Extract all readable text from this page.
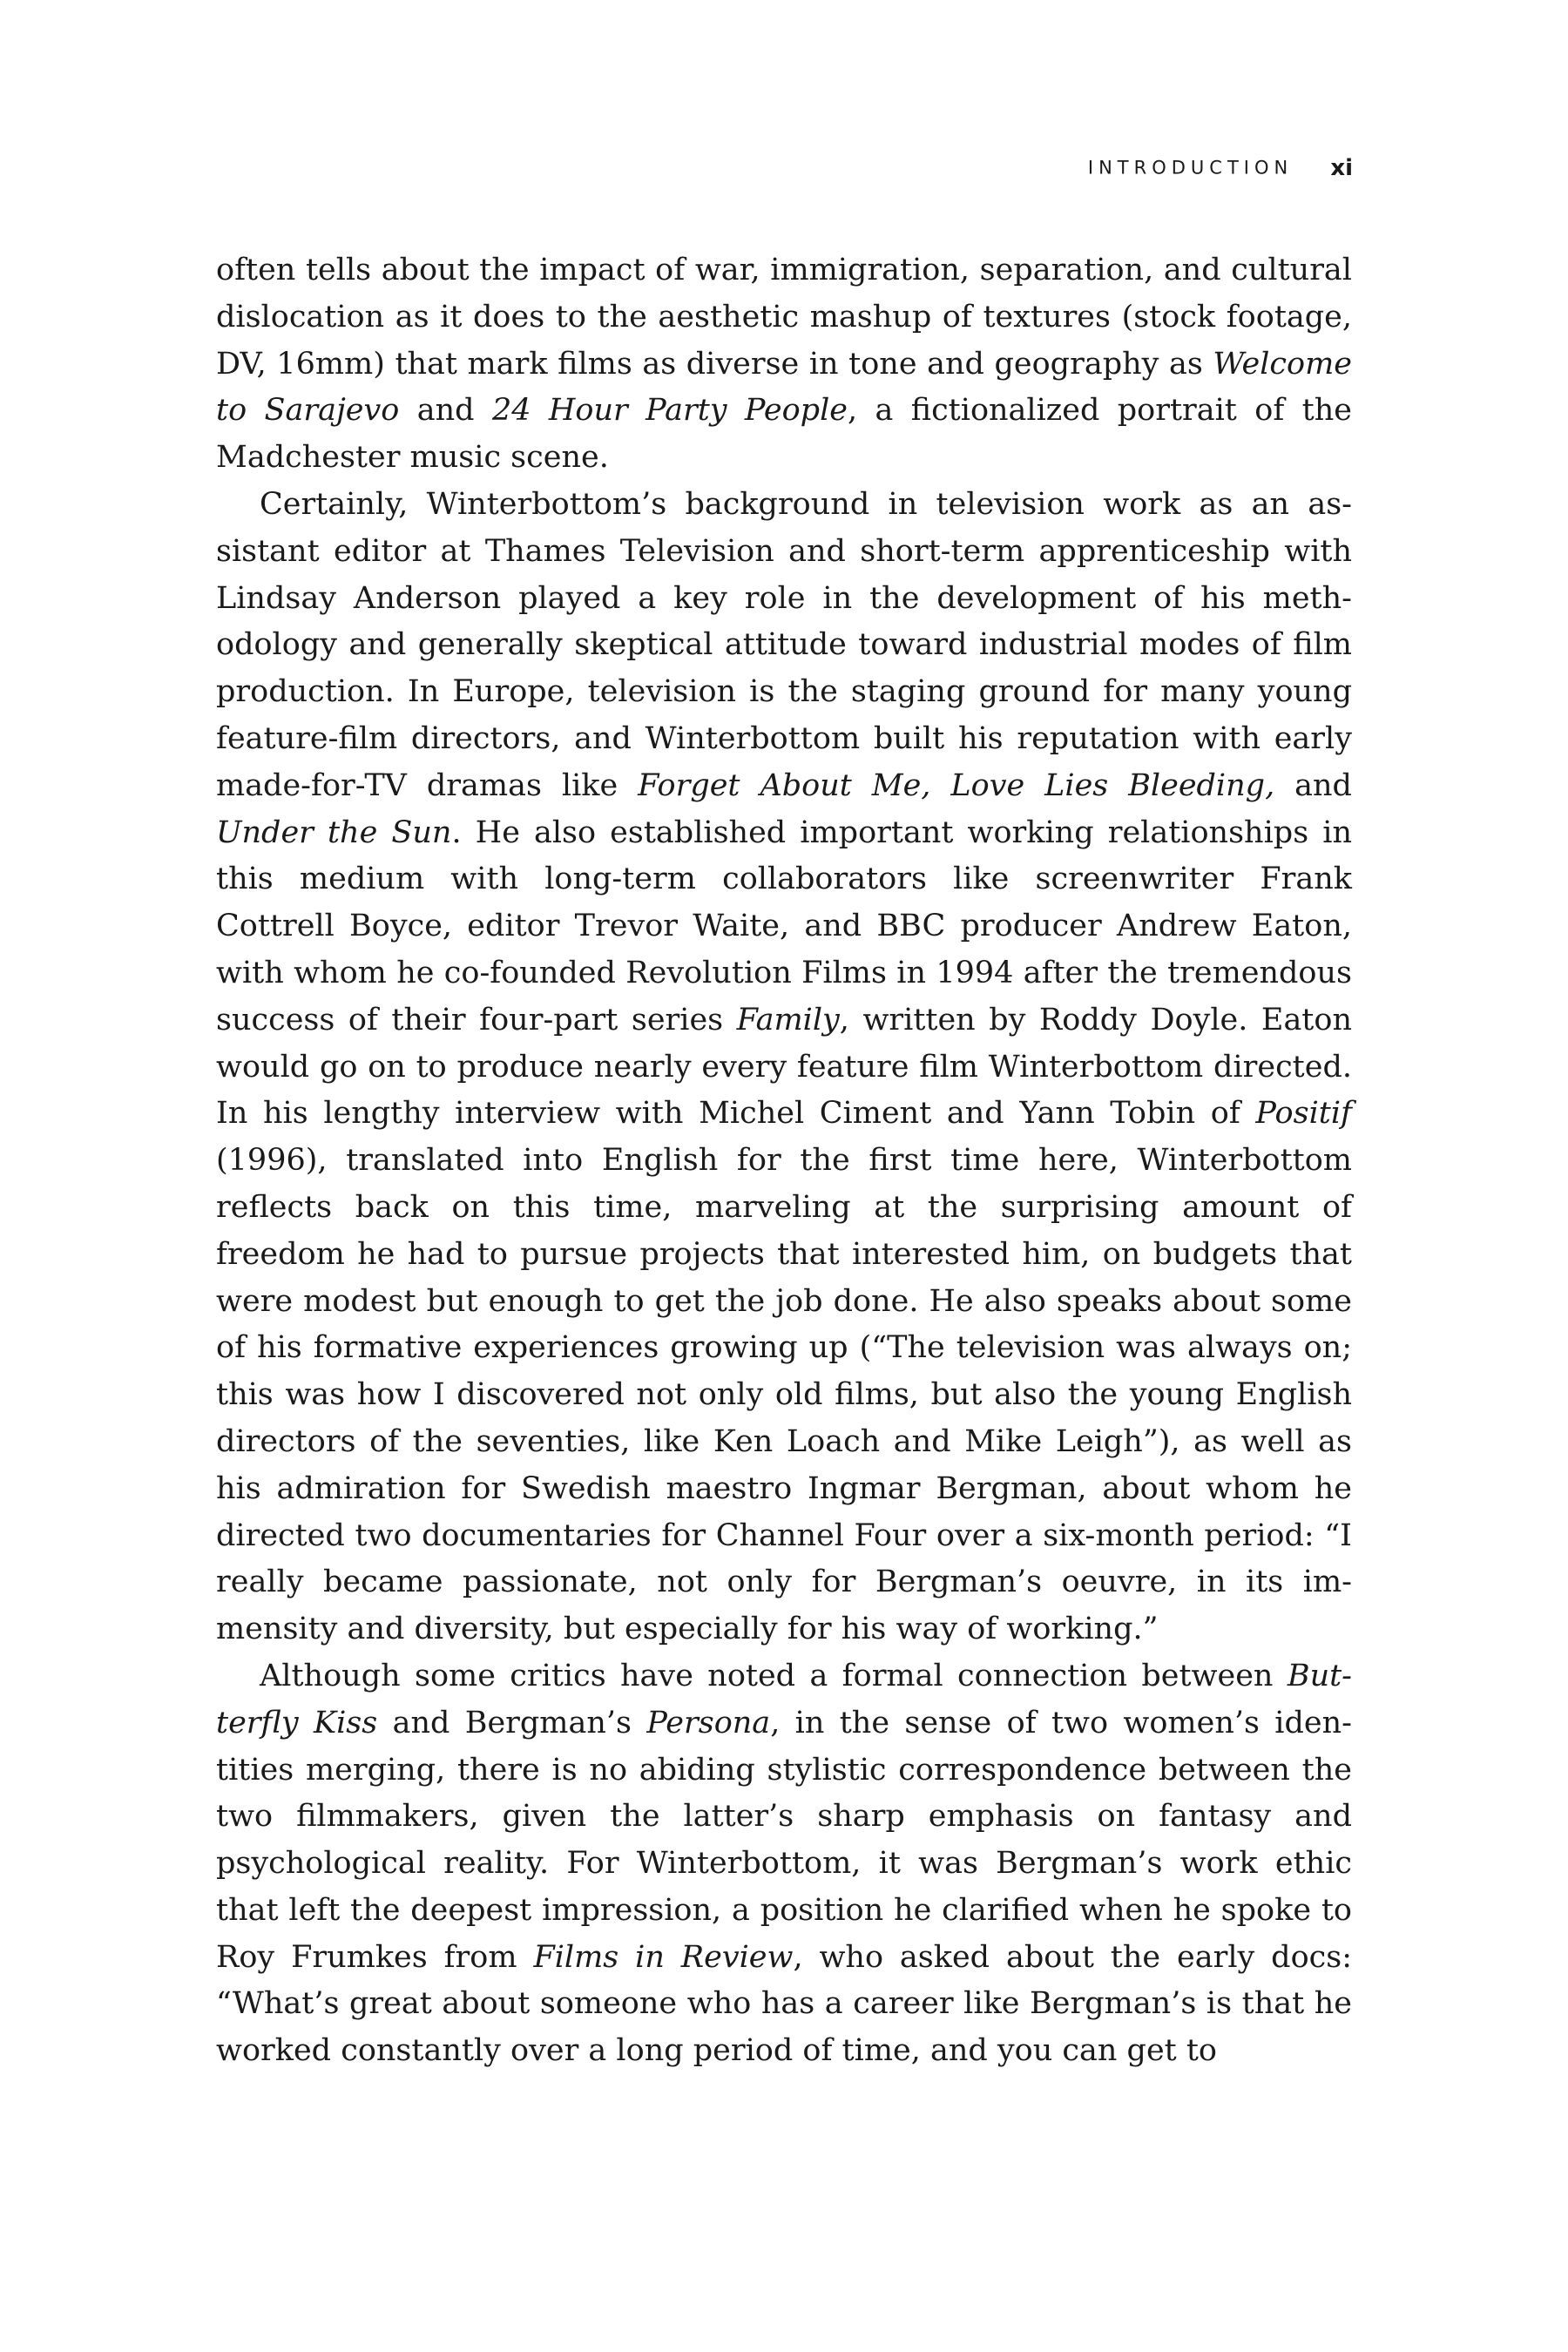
INTRODUCTION xi

often tells about the impact of war, immigration, separation, and cultural dislocation as it does to the aesthetic mashup of textures (stock footage, DV, 16mm) that mark films as diverse in tone and geography as Welcome to Sarajevo and 24 Hour Party People, a fictionalized portrait of the Madchester music scene.

Certainly, Winterbottom’s background in television work as an assistant editor at Thames Television and short-term apprenticeship with Lindsay Anderson played a key role in the development of his methodology and generally skeptical attitude toward industrial modes of film production. In Europe, television is the staging ground for many young feature-film directors, and Winterbottom built his reputation with early made-for-TV dramas like Forget About Me, Love Lies Bleeding, and Under the Sun. He also established important working relationships in this medium with long-term collaborators like screenwriter Frank Cottrell Boyce, editor Trevor Waite, and BBC producer Andrew Eaton, with whom he co-founded Revolution Films in 1994 after the tremendous success of their four-part series Family, written by Roddy Doyle. Eaton would go on to produce nearly every feature film Winterbottom directed. In his lengthy interview with Michel Ciment and Yann Tobin of Positif (1996), translated into English for the first time here, Winterbottom reflects back on this time, marveling at the surprising amount of freedom he had to pursue projects that interested him, on budgets that were modest but enough to get the job done. He also speaks about some of his formative experiences growing up (“The television was always on; this was how I discovered not only old films, but also the young English directors of the seventies, like Ken Loach and Mike Leigh”), as well as his admiration for Swedish maestro Ingmar Bergman, about whom he directed two documentaries for Channel Four over a six-month period: “I really became passionate, not only for Bergman’s oeuvre, in its immensity and diversity, but especially for his way of working.”

Although some critics have noted a formal connection between Butterfly Kiss and Bergman’s Persona, in the sense of two women’s identities merging, there is no abiding stylistic correspondence between the two filmmakers, given the latter’s sharp emphasis on fantasy and psychological reality. For Winterbottom, it was Bergman’s work ethic that left the deepest impression, a position he clarified when he spoke to Roy Frumkes from Films in Review, who asked about the early docs: “What’s great about someone who has a career like Bergman’s is that he worked constantly over a long period of time, and you can get to
